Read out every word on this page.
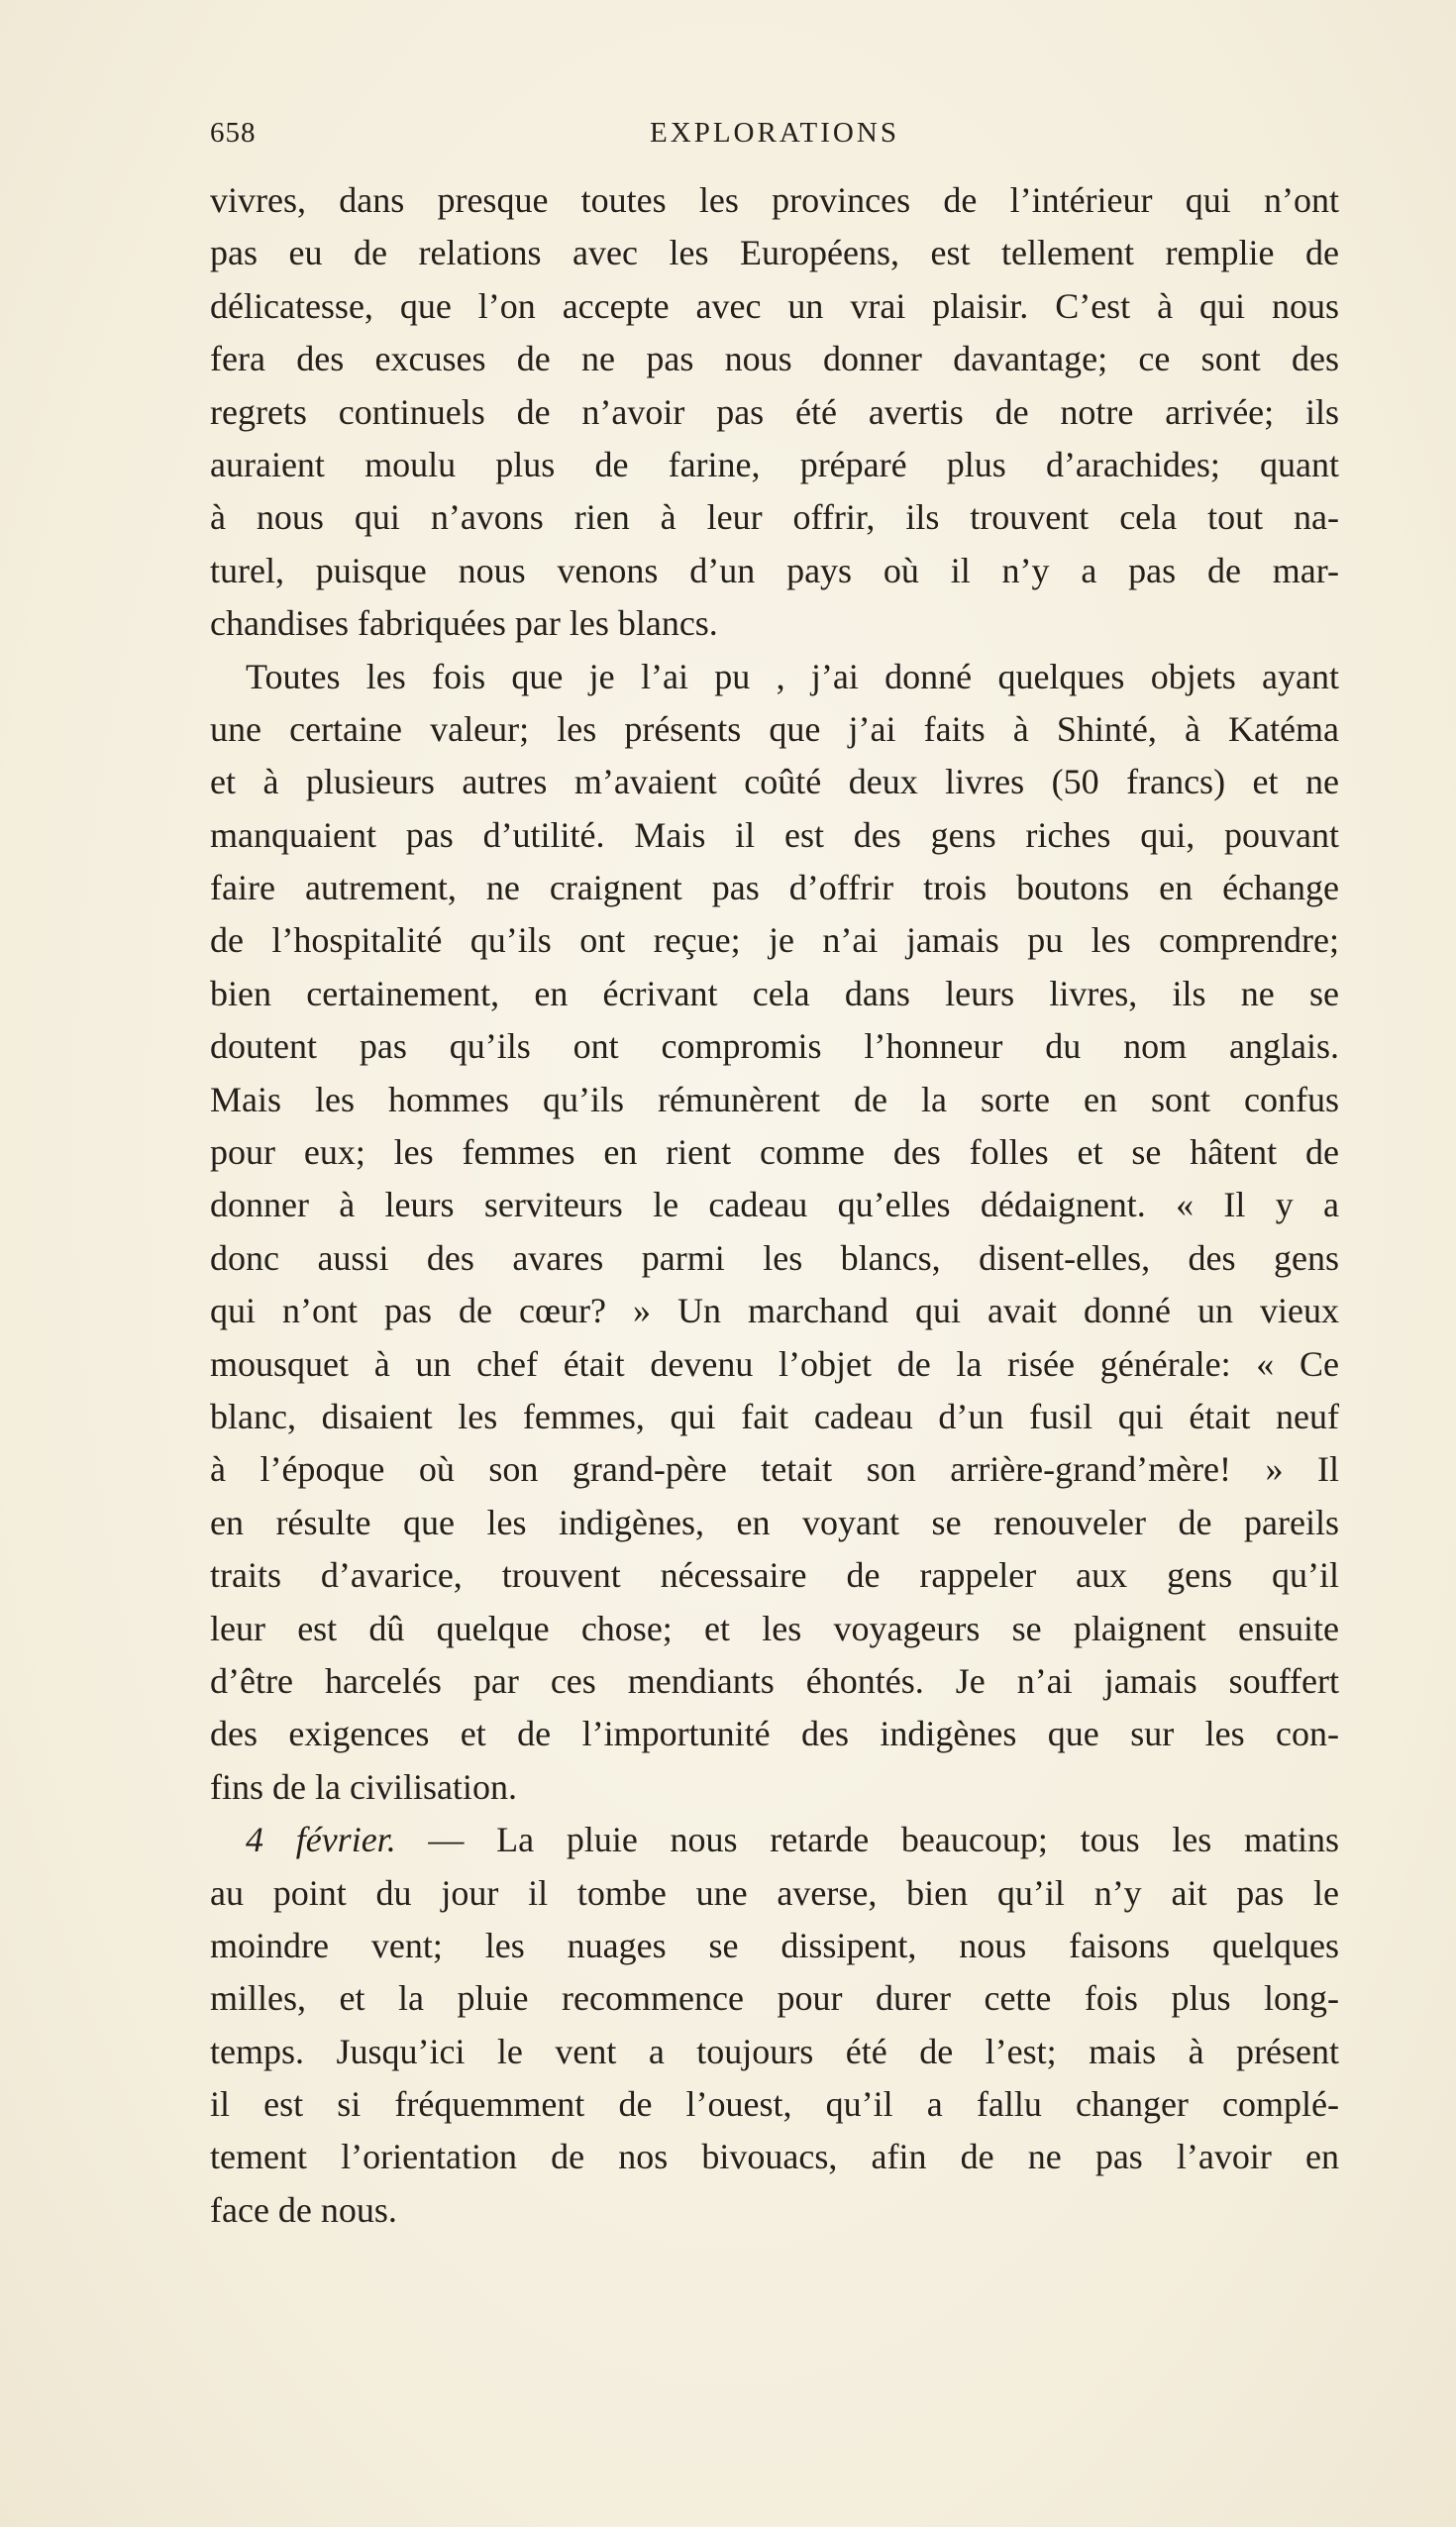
658	EXPLORATIONS
vivres, dans presque toutes les provinces de l’intérieur qui n’ont
pas eu de relations avec les Européens, est tellement remplie de
délicatesse, que l’on accepte avec un vrai plaisir. C’est à qui nous
fera des excuses de ne pas nous donner davantage; ce sont des
regrets continuels de n’avoir pas été avertis de notre arrivée; ils
auraient moulu plus de farine, préparé plus d’arachides; quant
à nous qui n’avons rien à leur offrir, ils trouvent cela tout na-
turel, puisque nous venons d’un pays où il n’y a pas de mar-
chandises fabriquées par les blancs.
Toutes les fois que je l’ai pu , j’ai donné quelques objets ayant
une certaine valeur; les présents que j’ai faits à Shinté, à Katéma
et à plusieurs autres m’avaient coûté deux livres (50 francs) et ne
manquaient pas d’utilité. Mais il est des gens riches qui, pouvant
faire autrement, ne craignent pas d’offrir trois boutons en échange
de l’hospitalité qu’ils ont reçue; je n’ai jamais pu les comprendre;
bien certainement, en écrivant cela dans leurs livres, ils ne se
doutent pas qu’ils ont compromis l’honneur du nom anglais.
Mais les hommes qu’ils rémunèrent de la sorte en sont confus
pour eux; les femmes en rient comme des folles et se hâtent de
donner à leurs serviteurs le cadeau qu’elles dédaignent. « Il y a
donc aussi des avares parmi les blancs, disent-elles, des gens
qui n’ont pas de cœur? » Un marchand qui avait donné un vieux
mousquet à un chef était devenu l’objet de la risée générale: « Ce
blanc, disaient les femmes, qui fait cadeau d’un fusil qui était neuf
à l’époque où son grand-père tetait son arrière-grand’mère! » Il
en résulte que les indigènes, en voyant se renouveler de pareils
traits d’avarice, trouvent nécessaire de rappeler aux gens qu’il
leur est dû quelque chose; et les voyageurs se plaignent ensuite
d’être harcelés par ces mendiants éhontés. Je n’ai jamais souffert
des exigences et de l’importunité des indigènes que sur les con-
fins de la civilisation.
4 février. — La pluie nous retarde beaucoup; tous les matins
au point du jour il tombe une averse, bien qu’il n’y ait pas le
moindre vent; les nuages se dissipent, nous faisons quelques
milles, et la pluie recommence pour durer cette fois plus long-
temps. Jusqu’ici le vent a toujours été de l’est; mais à présent
il est si fréquemment de l’ouest, qu’il a fallu changer complé-
tement l’orientation de nos bivouacs, afin de ne pas l’avoir en
face de nous.
